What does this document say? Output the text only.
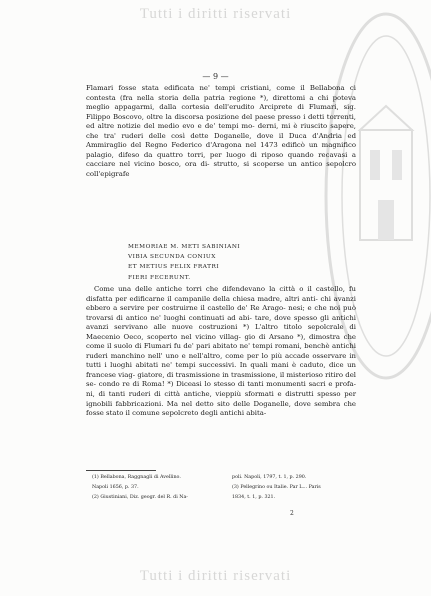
Tutti i diritti riservati
— 9 —

Flamari fosse stata edificata ne' tempi cristiani, come il Bellabona ci contesta (fra nella storia della patria regione *), direttomi a chi poteva meglio appagarmi, dalla cortesia dell'erudito Arciprete di Flumari, sig. Filippo Boscovo, oltre la discorsa posizione del paese presso i detti torrenti, ed altre notizie del medio evo e de' tempi mo- derni, mi è riuscito sapere, che tra' ruderi delle così dette Doganelle, dove il Duca d'Andria ed Ammiraglio del Regno Federico d'Aragona nel 1473 edificò un magnifico palagio, difeso da quattro torri, per luogo di riposo quando recavasi a cacciare nel vicino bosco, ora di- strutto, si scoperse un antico sepolcro coll'epigrafe

MEMORIAE M. METI SABINIANI
VIBIA SECUNDA CONIUX
ET METIUS FELIX FRATRI
FIERI FECERUNT.

Come una delle antiche torri che difendevano la città o il castello, fu disfatta per edificarne il campanile della chiesa madre, altri anti- chi avanzi ebbero a servire per costruirne il castello de' Re Arago- nesi; e che noi può trovarsi di antico ne' luoghi continuati ad abi- tare, dove spesso gli antichi avanzi servivano alle nuove costruzioni *) L'altro titolo sepolcrale di Maecenio Oeco, scoperto nel vicino villag- gio di Arsano *), dimostra che come il suolo di Flumari fu de' pari abitato ne' tempi romani, benchè antichi ruderi manchino nell' uno e nell'altro, come per lo più accade osservare in tutti i luoghi abitati ne' tempi successivi. In quali mani è caduto, dice un francese viag- giatore, di trasmissione in trasmissione, il misterioso ritiro del se- condo re di Roma! *) Diceasi lo stesso di tanti monumenti sacri e profa- ni, di tanti ruderi di città antiche, vieppiù sformati e distrutti spesso per ignobili fabbricazioni. Ma nel detto sito delle Doganelle, dove sembra che fosse stato il comune sepolcreto degli antichi abita-

(1) Bellabona, Raggnagli di Avellino.
Napoli 1656, p. 37.
(2) Giustiniani, Diz. geogr. del R. di Na-
poli. Napoli, 1797, t. 1, p. 290.
(3) Pellegrino ou Italie. Par L... Paris
1834, t. 1, p. 321.
2
Tutti i diritti riservati
